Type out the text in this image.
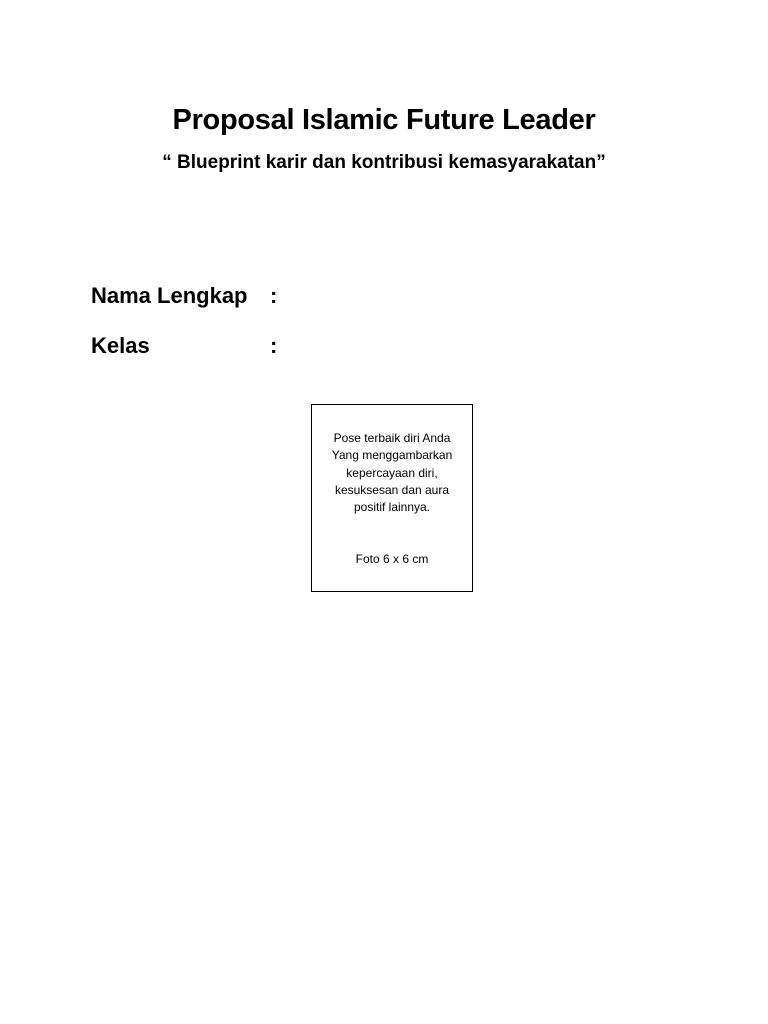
Proposal Islamic Future Leader

“ Blueprint karir dan kontribusi kemasyarakatan”

Nama Lengkap :
Kelas	:

Pose terbaik diri Anda Yang menggambarkan kepercayaan diri, kesuksesan dan aura positif lainnya.

Foto 6 x 6 cm
